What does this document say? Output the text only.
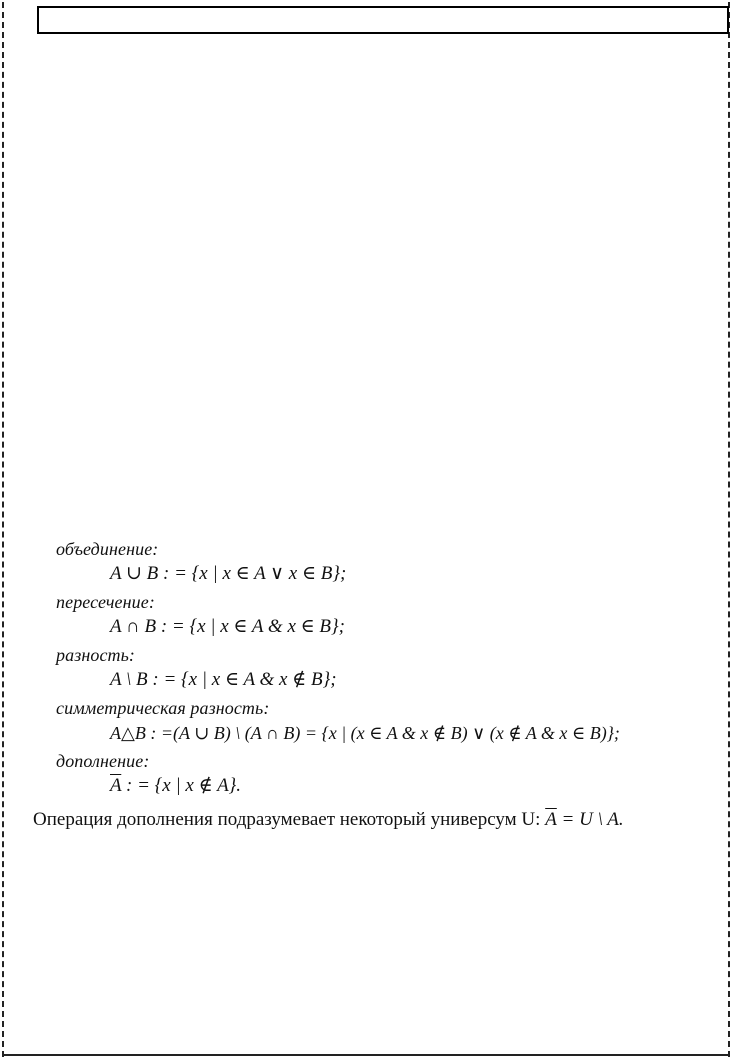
объединение:

A ∪ B : = {x | x ∈ A ∨ x ∈ B};

пересечение:

A ∩ B : = {x | x ∈ A & x ∈ B};

разность:

A \ B : = {x | x ∈ A & x ∉ B};

симметрическая разность:

A△B : =(A ∪ B) \ (A ∩ B) = {x | (x ∈ A & x ∉ B) ∨ (x ∉ A & x ∈ B)};

дополнение:

$\overline{A}$ : = {x | x ∉ A}.
Операция дополнения подразумевает некоторый универсум U: $\overline{A} = U$ \ A.
